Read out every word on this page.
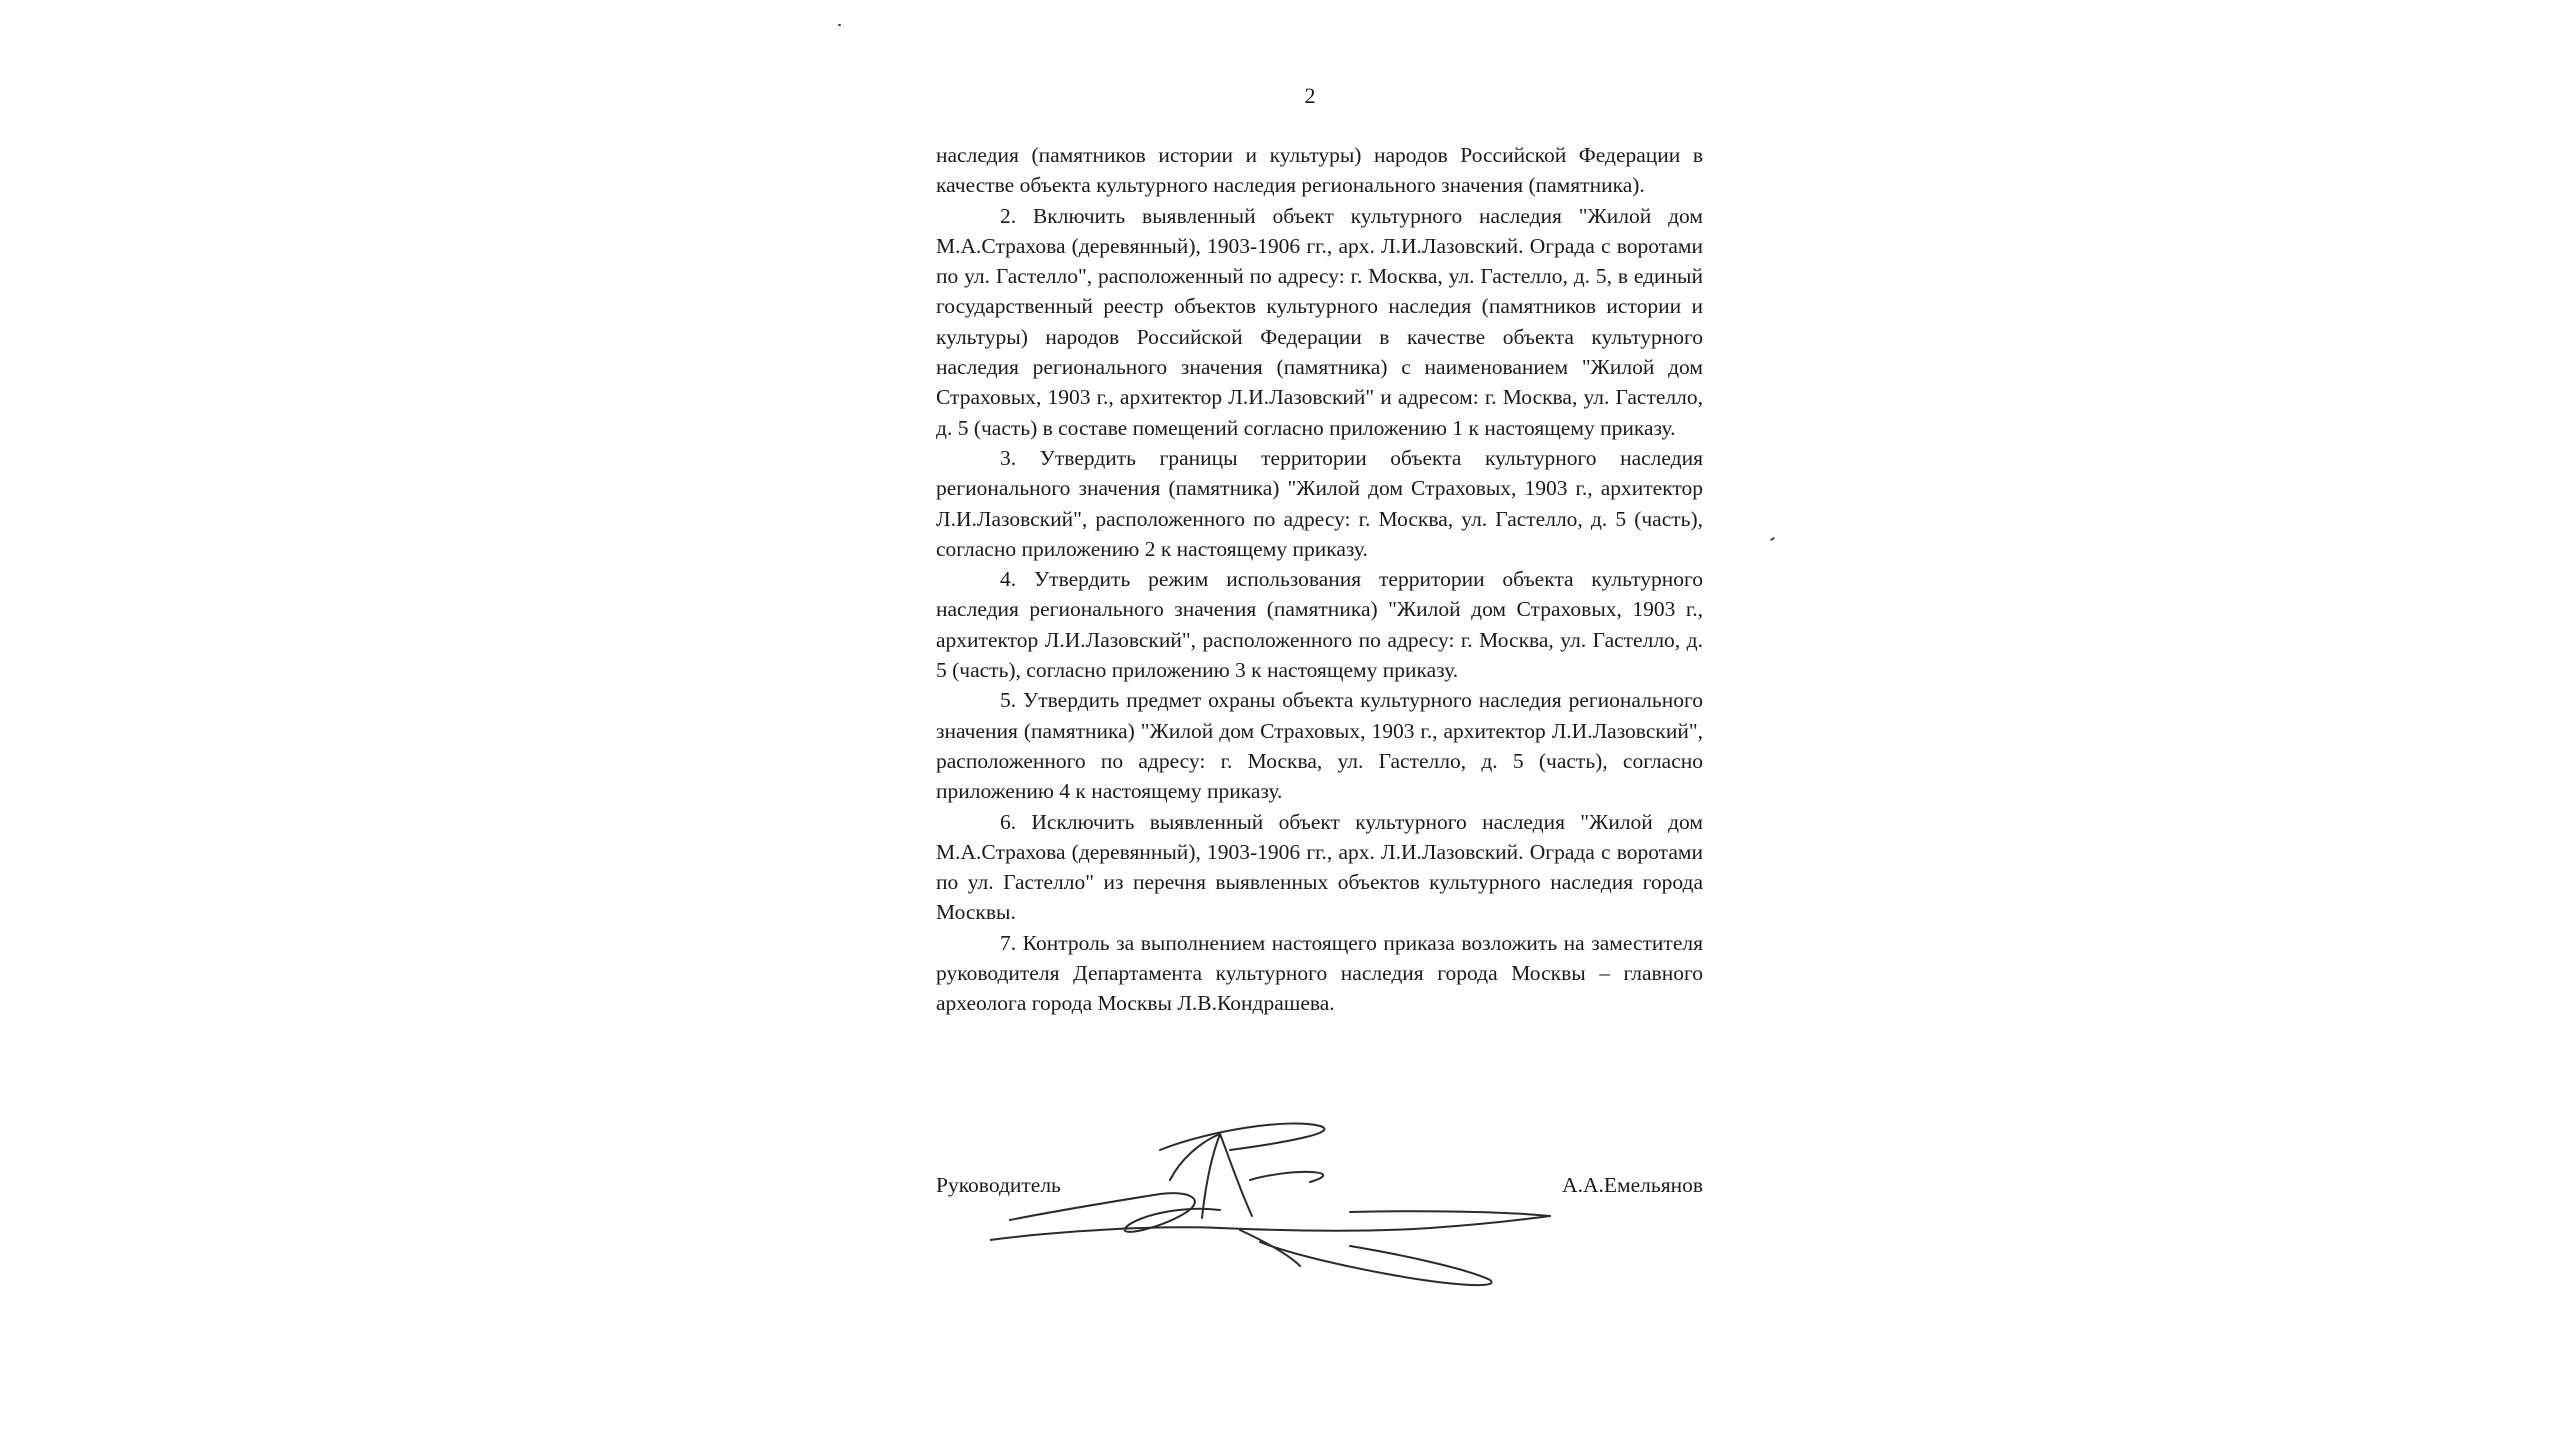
2

наследия (памятников истории и культуры) народов Российской Федерации в качестве объекта культурного наследия регионального значения (памятника).

2. Включить выявленный объект культурного наследия "Жилой дом М.А.Страхова (деревянный), 1903-1906 гг., арх. Л.И.Лазовский. Ограда с воротами по ул. Гастелло", расположенный по адресу: г. Москва, ул. Гастелло, д. 5, в единый государственный реестр объектов культурного наследия (памятников истории и культуры) народов Российской Федерации в качестве объекта культурного наследия регионального значения (памятника) с наименованием "Жилой дом Страховых, 1903 г., архитектор Л.И.Лазовский" и адресом: г. Москва, ул. Гастелло, д. 5 (часть) в составе помещений согласно приложению 1 к настоящему приказу.

3. Утвердить границы территории объекта культурного наследия регионального значения (памятника) "Жилой дом Страховых, 1903 г., архитектор Л.И.Лазовский", расположенного по адресу: г. Москва, ул. Гастелло, д. 5 (часть), согласно приложению 2 к настоящему приказу.

4. Утвердить режим использования территории объекта культурного наследия регионального значения (памятника) "Жилой дом Страховых, 1903 г., архитектор Л.И.Лазовский", расположенного по адресу: г. Москва, ул. Гастелло, д. 5 (часть), согласно приложению 3 к настоящему приказу.

5. Утвердить предмет охраны объекта культурного наследия регионального значения (памятника) "Жилой дом Страховых, 1903 г., архитектор Л.И.Лазовский", расположенного по адресу: г. Москва, ул. Гастелло, д. 5 (часть), согласно приложению 4 к настоящему приказу.

6. Исключить выявленный объект культурного наследия "Жилой дом М.А.Страхова (деревянный), 1903-1906 гг., арх. Л.И.Лазовский. Ограда с воротами по ул. Гастелло" из перечня выявленных объектов культурного наследия города Москвы.

7. Контроль за выполнением настоящего приказа возложить на заместителя руководителя Департамента культурного наследия города Москвы – главного археолога города Москвы Л.В.Кондрашева.

Руководитель	А.А.Емельянов
